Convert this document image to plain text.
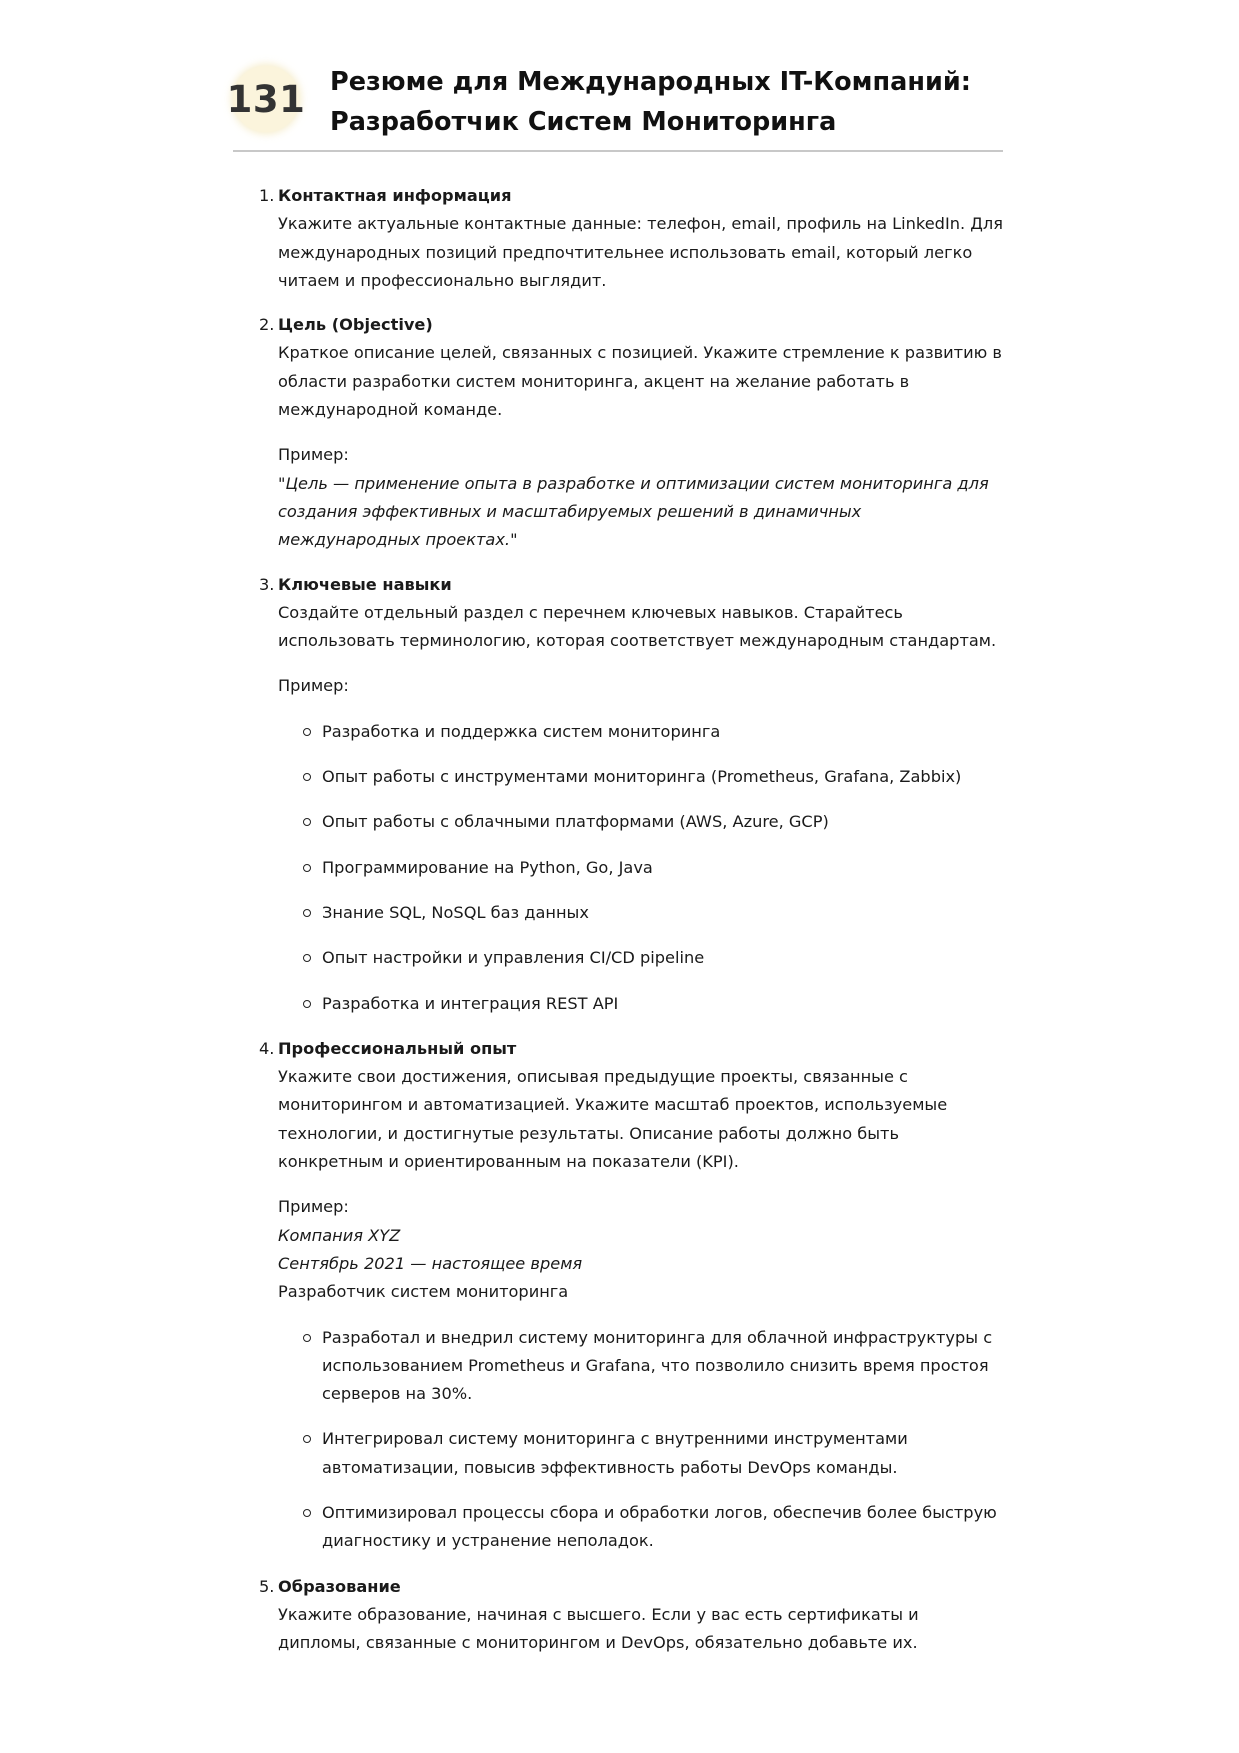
131 Резюме для Международных IT-Компаний:
Разработчик Систем Мониторинга
1. Контактная информация
Укажите актуальные контактные данные: телефон, email, профиль на LinkedIn. Для международных позиций предпочтительнее использовать email, который легко читаем и профессионально выглядит.
2. Цель (Objective)
Краткое описание целей, связанных с позицией. Укажите стремление к развитию в области разработки систем мониторинга, акцент на желание работать в международной команде.
Пример:
"Цель — применение опыта в разработке и оптимизации систем мониторинга для создания эффективных и масштабируемых решений в динамичных международных проектах."
3. Ключевые навыки
Создайте отдельный раздел с перечнем ключевых навыков. Старайтесь использовать терминологию, которая соответствует международным стандартам.
Пример:
Разработка и поддержка систем мониторинга
Опыт работы с инструментами мониторинга (Prometheus, Grafana, Zabbix)
Опыт работы с облачными платформами (AWS, Azure, GCP)
Программирование на Python, Go, Java
Знание SQL, NoSQL баз данных
Опыт настройки и управления CI/CD pipeline
Разработка и интеграция REST API
4. Профессиональный опыт
Укажите свои достижения, описывая предыдущие проекты, связанные с мониторингом и автоматизацией. Укажите масштаб проектов, используемые технологии, и достигнутые результаты. Описание работы должно быть конкретным и ориентированным на показатели (KPI).
Пример:
Компания XYZ
Сентябрь 2021 — настоящее время
Разработчик систем мониторинга
Разработал и внедрил систему мониторинга для облачной инфраструктуры с использованием Prometheus и Grafana, что позволило снизить время простоя серверов на 30%.
Интегрировал систему мониторинга с внутренними инструментами автоматизации, повысив эффективность работы DevOps команды.
Оптимизировал процессы сбора и обработки логов, обеспечив более быструю диагностику и устранение неполадок.
5. Образование
Укажите образование, начиная с высшего. Если у вас есть сертификаты и дипломы, связанные с мониторингом и DevOps, обязательно добавьте их.
